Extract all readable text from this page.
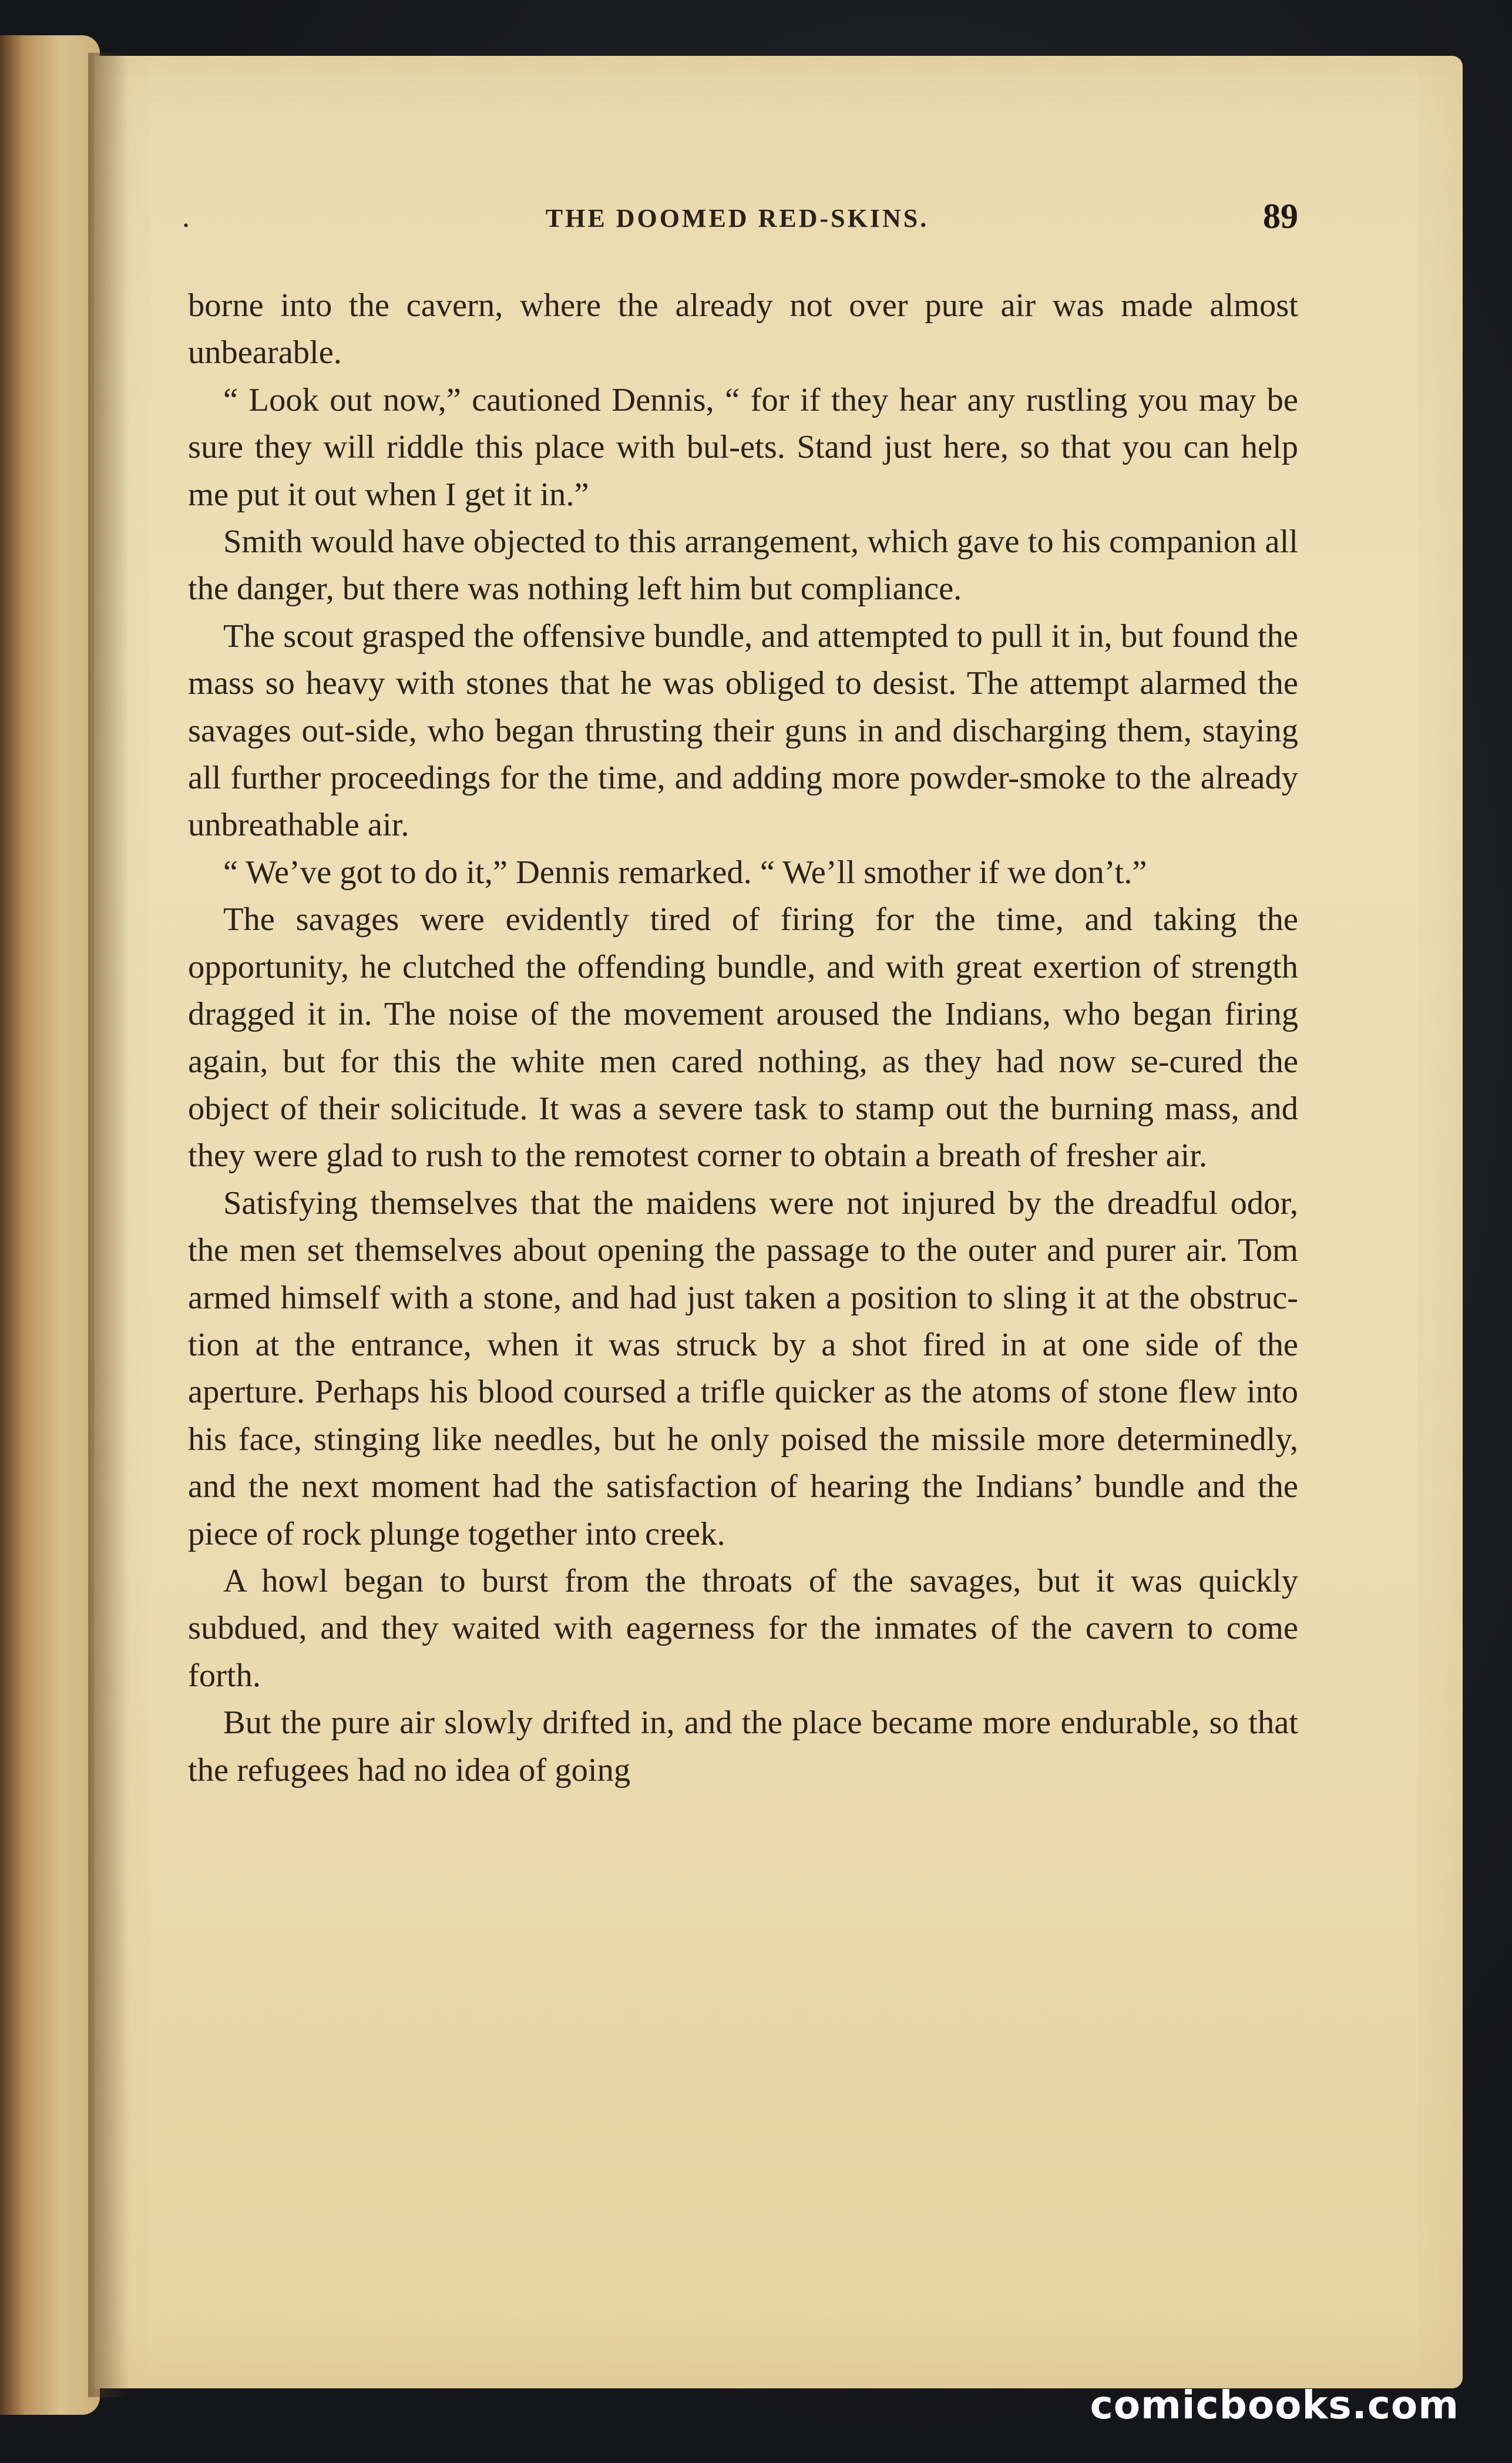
.	THE DOOMED RED-SKINS.	89

borne into the cavern, where the already not over pure air was made almost unbearable.

“ Look out now,” cautioned Dennis, “ for if they hear any rustling you may be sure they will riddle this place with bul-ets. Stand just here, so that you can help me put it out when I get it in.”

Smith would have objected to this arrangement, which gave to his companion all the danger, but there was nothing left him but compliance.

The scout grasped the offensive bundle, and attempted to pull it in, but found the mass so heavy with stones that he was obliged to desist. The attempt alarmed the savages out-side, who began thrusting their guns in and discharging them, staying all further proceedings for the time, and adding more powder-smoke to the already unbreathable air.

“ We’ve got to do it,” Dennis remarked. “ We’ll smother if we don’t.”

The savages were evidently tired of firing for the time, and taking the opportunity, he clutched the offending bundle, and with great exertion of strength dragged it in. The noise of the movement aroused the Indians, who began firing again, but for this the white men cared nothing, as they had now se-cured the object of their solicitude. It was a severe task to stamp out the burning mass, and they were glad to rush to the remotest corner to obtain a breath of fresher air.

Satisfying themselves that the maidens were not injured by the dreadful odor, the men set themselves about opening the passage to the outer and purer air. Tom armed himself with a stone, and had just taken a position to sling it at the obstruc-tion at the entrance, when it was struck by a shot fired in at one side of the aperture. Perhaps his blood coursed a trifle quicker as the atoms of stone flew into his face, stinging like needles, but he only poised the missile more determinedly, and the next moment had the satisfaction of hearing the Indians’ bundle and the piece of rock plunge together into creek.

A howl began to burst from the throats of the savages, but it was quickly subdued, and they waited with eagerness for the inmates of the cavern to come forth.

But the pure air slowly drifted in, and the place became more endurable, so that the refugees had no idea of going

comicbooks.com
